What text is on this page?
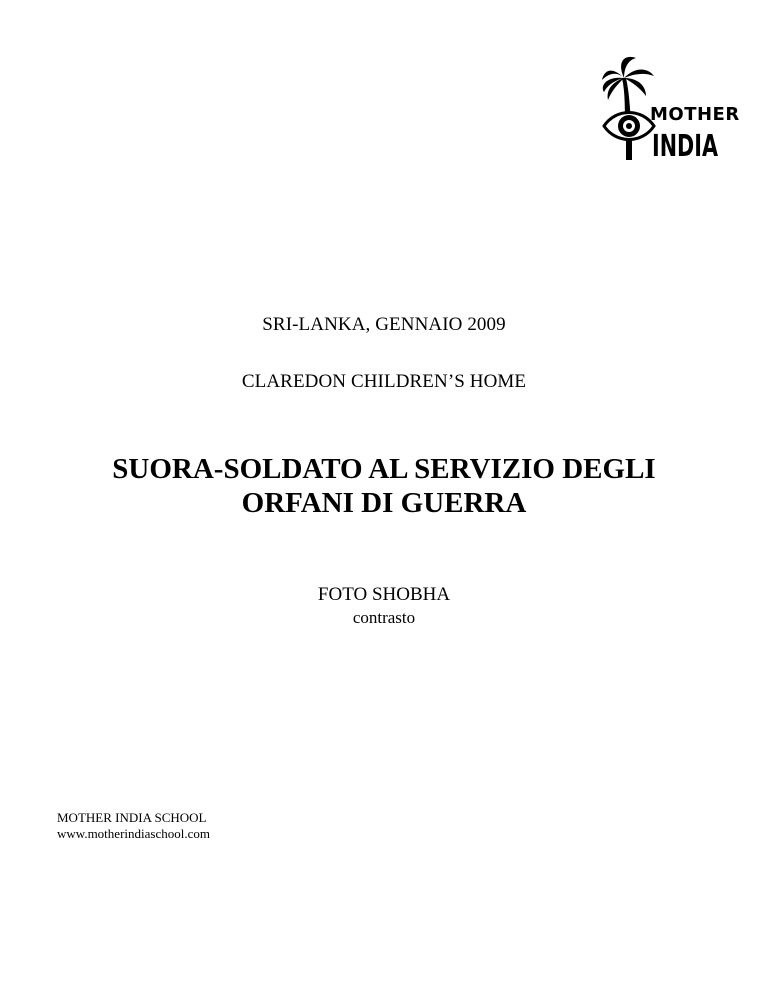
MOTHER
INDIA

SRI-LANKA, GENNAIO 2009

CLAREDON CHILDREN’S HOME

SUORA-SOLDATO AL SERVIZIO DEGLI
ORFANI DI GUERRA

FOTO SHOBHA

contrasto

MOTHER INDIA SCHOOL
www.motherindiaschool.com
